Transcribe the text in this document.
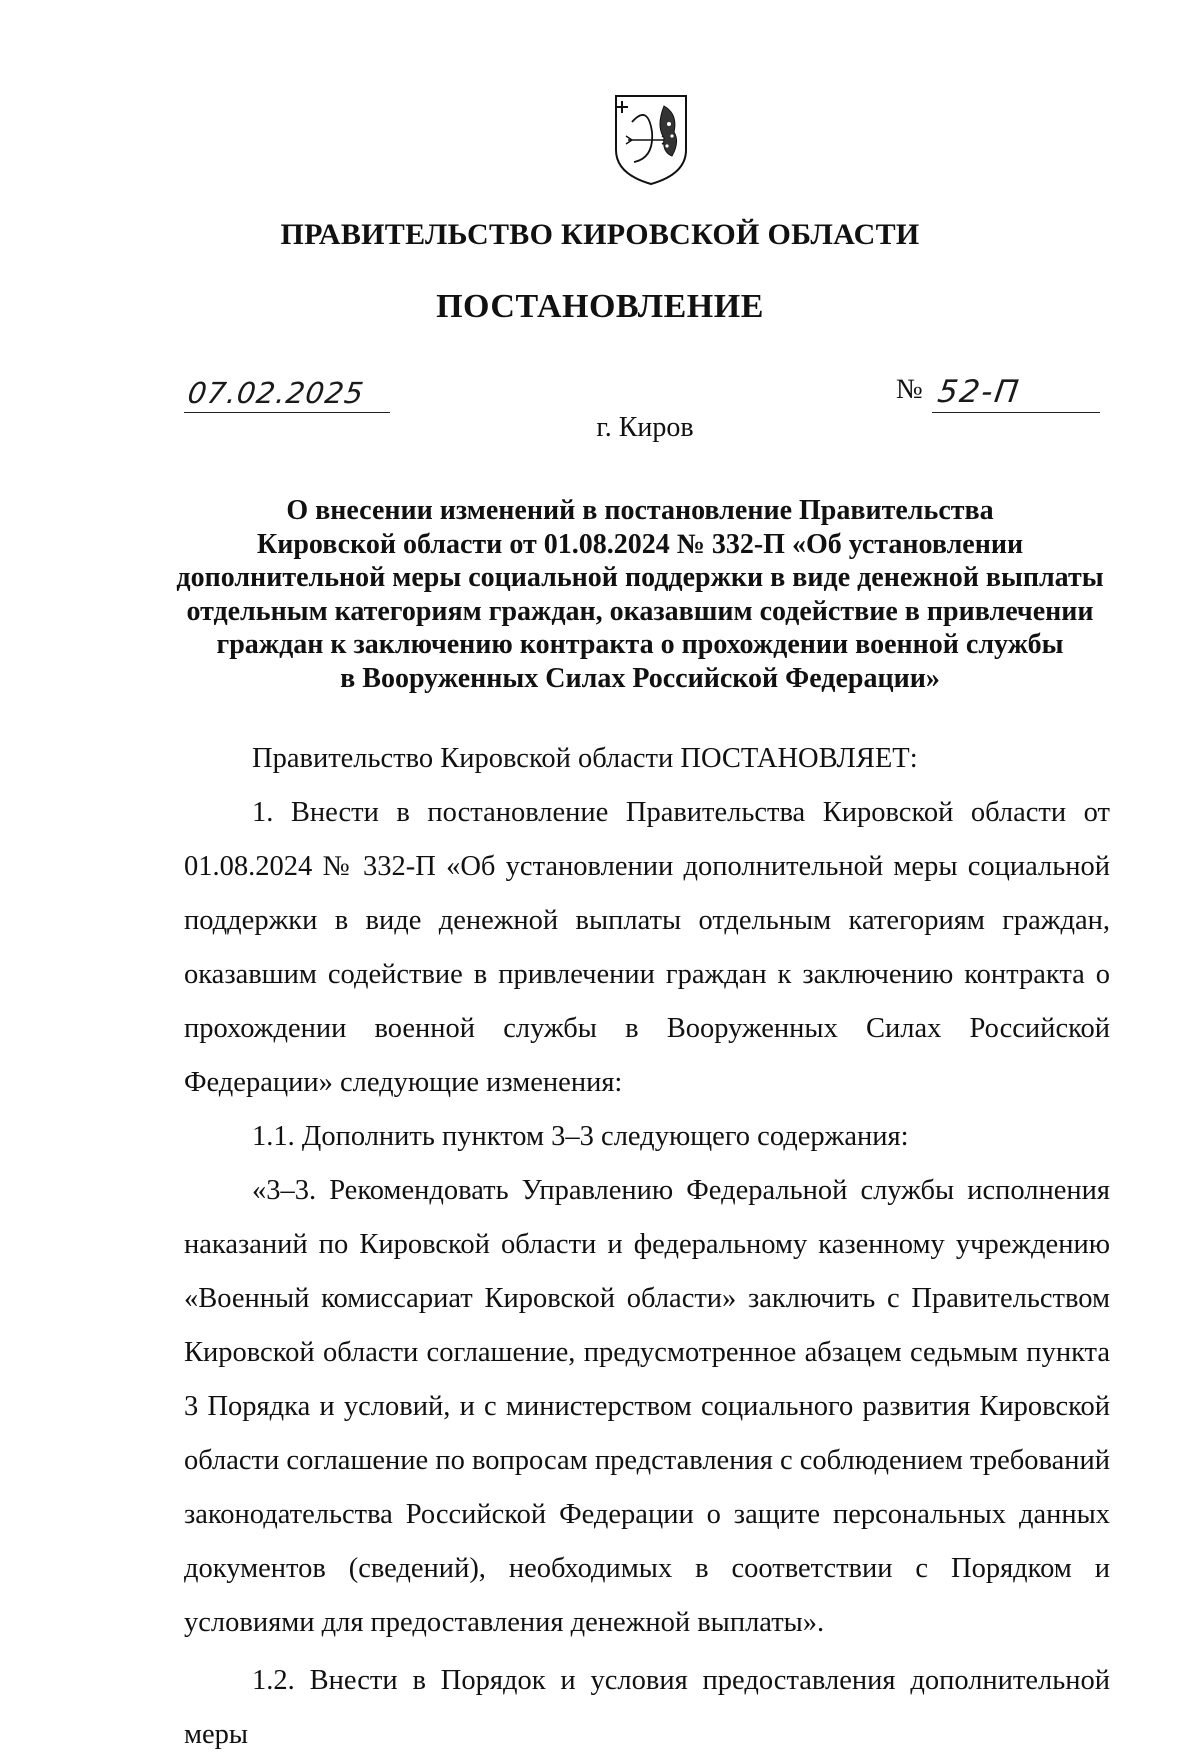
ПРАВИТЕЛЬСТВО КИРОВСКОЙ ОБЛАСТИ
ПОСТАНОВЛЕНИЕ
07.02.2025	№ 52-П
г. Киров
О внесении изменений в постановление Правительства
Кировской области от 01.08.2024 № 332-П «Об установлении
дополнительной меры социальной поддержки в виде денежной выплаты
отдельным категориям граждан, оказавшим содействие в привлечении
граждан к заключению контракта о прохождении военной службы
в Вооруженных Силах Российской Федерации»

Правительство Кировской области ПОСТАНОВЛЯЕТ:

1. Внести в постановление Правительства Кировской области от 01.08.2024 № 332-П «Об установлении дополнительной меры социальной поддержки в виде денежной выплаты отдельным категориям граждан, оказавшим содействие в привлечении граждан к заключению контракта о прохождении военной службы в Вооруженных Силах Российской Федерации» следующие изменения:

1.1. Дополнить пунктом 3–3 следующего содержания:

«3–3. Рекомендовать Управлению Федеральной службы исполнения наказаний по Кировской области и федеральному казенному учреждению «Военный комиссариат Кировской области» заключить с Правительством Кировской области соглашение, предусмотренное абзацем седьмым пункта 3 Порядка и условий, и с министерством социального развития Кировской области соглашение по вопросам представления с соблюдением требований законодательства Российской Федерации о защите персональных данных документов (сведений), необходимых в соответствии с Порядком и условиями для предоставления денежной выплаты».

1.2. Внести в Порядок и условия предоставления дополнительной меры
